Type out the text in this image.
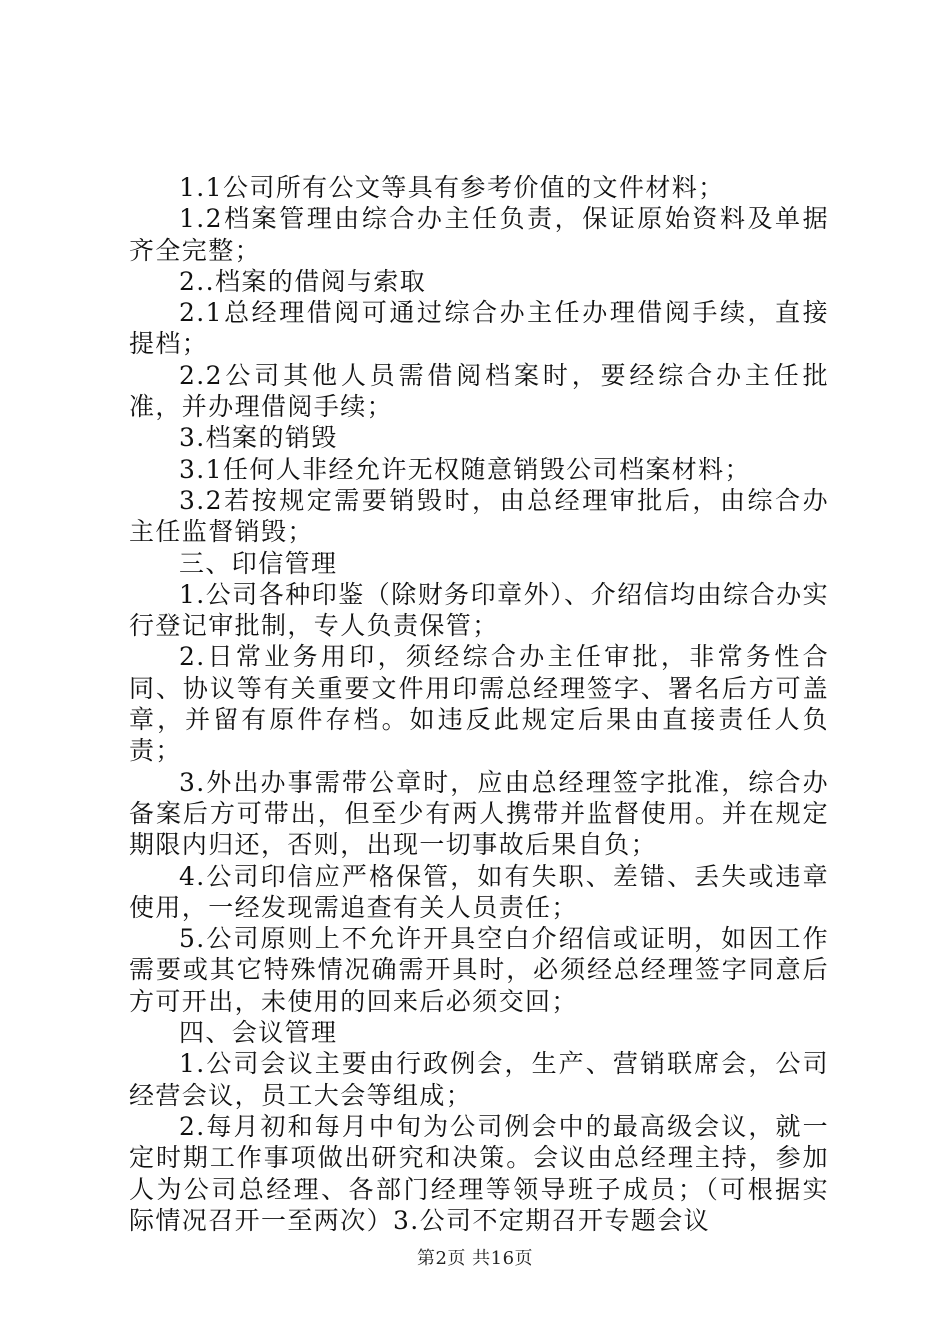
1.1公司所有公文等具有参考价值的文件材料；

1.2档案管理由综合办主任负责，保证原始资料及单据齐全完整；

2..档案的借阅与索取

2.1总经理借阅可通过综合办主任办理借阅手续，直接提档；

2.2公司其他人员需借阅档案时，要经综合办主任批准，并办理借阅手续；

3.档案的销毁

3.1任何人非经允许无权随意销毁公司档案材料；

3.2若按规定需要销毁时，由总经理审批后，由综合办主任监督销毁；

三、印信管理

1.公司各种印鉴（除财务印章外）、介绍信均由综合办实行登记审批制，专人负责保管；

2.日常业务用印，须经综合办主任审批，非常务性合同、协议等有关重要文件用印需总经理签字、署名后方可盖章，并留有原件存档。如违反此规定后果由直接责任人负责；

3.外出办事需带公章时，应由总经理签字批准，综合办备案后方可带出，但至少有两人携带并监督使用。并在规定期限内归还，否则，出现一切事故后果自负；

4.公司印信应严格保管，如有失职、差错、丢失或违章使用，一经发现需追查有关人员责任；

5.公司原则上不允许开具空白介绍信或证明，如因工作需要或其它特殊情况确需开具时，必须经总经理签字同意后方可开出，未使用的回来后必须交回；

四、会议管理

1.公司会议主要由行政例会，生产、营销联席会，公司经营会议，员工大会等组成；

2.每月初和每月中旬为公司例会中的最高级会议，就一定时期工作事项做出研究和决策。会议由总经理主持，参加人为公司总经理、各部门经理等领导班子成员；（可根据实际情况召开一至两次）3.公司不定期召开专题会议

第2页 共16页
